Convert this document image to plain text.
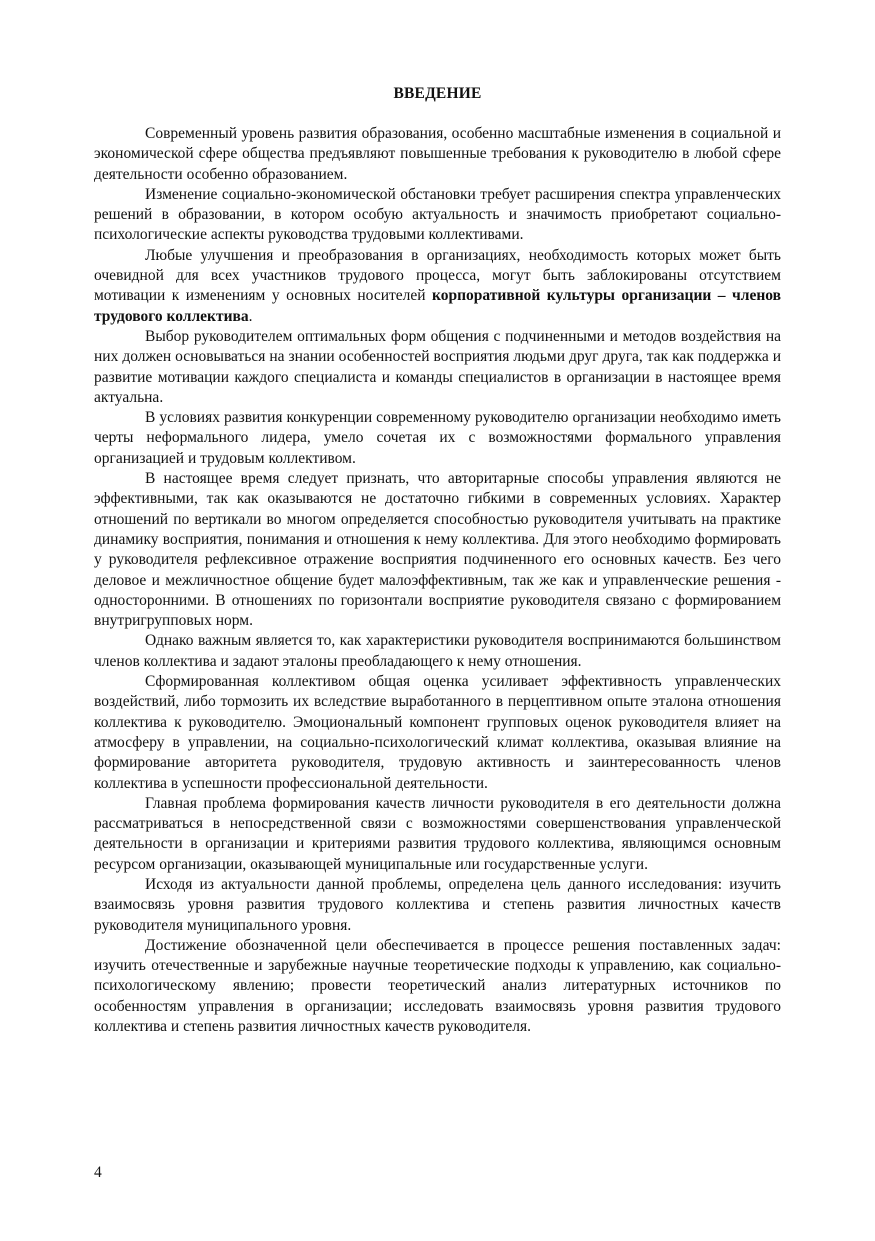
ВВЕДЕНИЕ

Современный уровень развития образования, особенно масштабные изменения в социальной и экономической сфере общества предъявляют повышенные требования к руководителю в любой сфере деятельности особенно образованием.

Изменение социально-экономической обстановки требует расширения спектра управленческих решений в образовании, в котором особую актуальность и значимость приобретают социально-психологические аспекты руководства трудовыми коллективами.

Любые улучшения и преобразования в организациях, необходимость которых может быть очевидной для всех участников трудового процесса, могут быть заблокированы отсутствием мотивации к изменениям у основных носителей корпоративной культуры организации – членов трудового коллектива.

Выбор руководителем оптимальных форм общения с подчиненными и методов воздействия на них должен основываться на знании особенностей восприятия людьми друг друга, так как поддержка и развитие мотивации каждого специалиста и команды специалистов в организации в настоящее время актуальна.

В условиях развития конкуренции современному руководителю организации необходимо иметь черты неформального лидера, умело сочетая их с возможностями формального управления организацией и трудовым коллективом.

В настоящее время следует признать, что авторитарные способы управления являются не эффективными, так как оказываются не достаточно гибкими в современных условиях. Характер отношений по вертикали во многом определяется способностью руководителя учитывать на практике динамику восприятия, понимания и отношения к нему коллектива. Для этого необходимо формировать у руководителя рефлексивное отражение восприятия подчиненного его основных качеств. Без чего деловое и межличностное общение будет малоэффективным, так же как и управленческие решения - односторонними. В отношениях по горизонтали восприятие руководителя связано с формированием внутригрупповых норм.

Однако важным является то, как характеристики руководителя воспринимаются большинством членов коллектива и задают эталоны преобладающего к нему отношения.

Сформированная коллективом общая оценка усиливает эффективность управленческих воздействий, либо тормозить их вследствие выработанного в перцептивном опыте эталона отношения коллектива к руководителю. Эмоциональный компонент групповых оценок руководителя влияет на атмосферу в управлении, на социально-психологический климат коллектива, оказывая влияние на формирование авторитета руководителя, трудовую активность и заинтересованность членов коллектива в успешности профессиональной деятельности.

Главная проблема формирования качеств личности руководителя в его деятельности должна рассматриваться в непосредственной связи с возможностями совершенствования управленческой деятельности в организации и критериями развития трудового коллектива, являющимся основным ресурсом организации, оказывающей муниципальные или государственные услуги.

Исходя из актуальности данной проблемы, определена цель данного исследования: изучить взаимосвязь уровня развития трудового коллектива и степень развития личностных качеств руководителя муниципального уровня.

Достижение обозначенной цели обеспечивается в процессе решения поставленных задач: изучить отечественные и зарубежные научные теоретические подходы к управлению, как социально-психологическому явлению; провести теоретический анализ литературных источников по особенностям управления в организации; исследовать взаимосвязь уровня развития трудового коллектива и степень развития личностных качеств руководителя.

4
